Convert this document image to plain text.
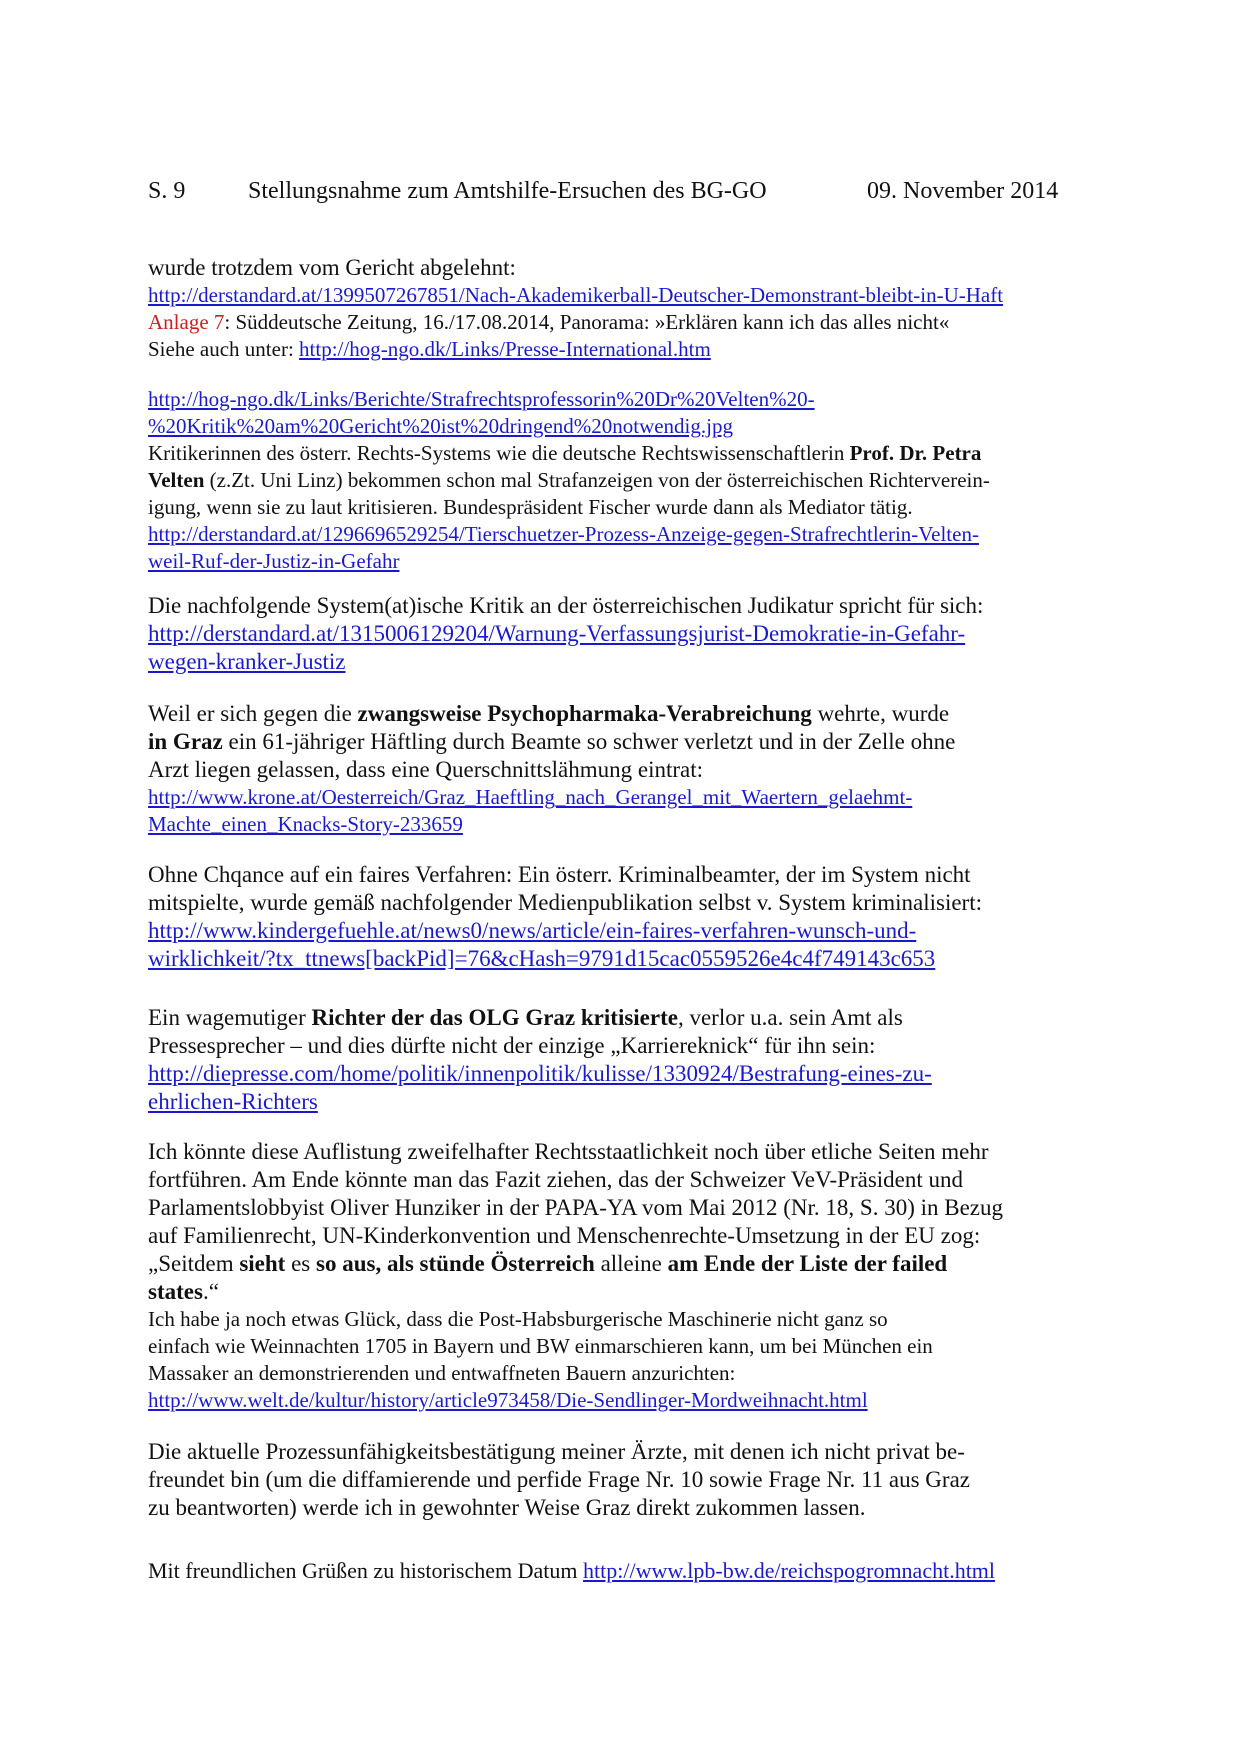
S. 9	Stellungsnahme zum Amtshilfe-Ersuchen des BG-GO	09. November 2014
wurde trotzdem vom Gericht abgelehnt:
http://derstandard.at/1399507267851/Nach-Akademikerball-Deutscher-Demonstrant-bleibt-in-U-Haft
Anlage 7: Süddeutsche Zeitung, 16./17.08.2014, Panorama: »Erklären kann ich das alles nicht«
Siehe auch unter: http://hog-ngo.dk/Links/Presse-International.htm
http://hog-ngo.dk/Links/Berichte/Strafrechtsprofessorin%20Dr%20Velten%20-
%20Kritik%20am%20Gericht%20ist%20dringend%20notwendig.jpg
Kritikerinnen des österr. Rechts-Systems wie die deutsche Rechtswissenschaftlerin Prof. Dr. Petra
Velten (z.Zt. Uni Linz) bekommen schon mal Strafanzeigen von der österreichischen Richterverein-
igung, wenn sie zu laut kritisieren. Bundespräsident Fischer wurde dann als Mediator tätig.
http://derstandard.at/1296696529254/Tierschuetzer-Prozess-Anzeige-gegen-Strafrechtlerin-Velten-
weil-Ruf-der-Justiz-in-Gefahr
Die nachfolgende System(at)ische Kritik an der österreichischen Judikatur spricht für sich:
http://derstandard.at/1315006129204/Warnung-Verfassungsjurist-Demokratie-in-Gefahr-
wegen-kranker-Justiz
Weil er sich gegen die zwangsweise Psychopharmaka-Verabreichung wehrte, wurde
in Graz ein 61-jähriger Häftling durch Beamte so schwer verletzt und in der Zelle ohne
Arzt liegen gelassen, dass eine Querschnittslähmung eintrat:
http://www.krone.at/Oesterreich/Graz_Haeftling_nach_Gerangel_mit_Waertern_gelaehmt-
Machte_einen_Knacks-Story-233659
Ohne Chqance auf ein faires Verfahren: Ein österr. Kriminalbeamter, der im System nicht
mitspielte, wurde gemäß nachfolgender Medienpublikation selbst v. System kriminalisiert:
http://www.kindergefuehle.at/news0/news/article/ein-faires-verfahren-wunsch-und-
wirklichkeit/?tx_ttnews[backPid]=76&cHash=9791d15cac0559526e4c4f749143c653
Ein wagemutiger Richter der das OLG Graz kritisierte, verlor u.a. sein Amt als
Pressesprecher – und dies dürfte nicht der einzige „Karriereknick“ für ihn sein:
http://diepresse.com/home/politik/innenpolitik/kulisse/1330924/Bestrafung-eines-zu-
ehrlichen-Richters
Ich könnte diese Auflistung zweifelhafter Rechtsstaatlichkeit noch über etliche Seiten mehr
fortführen. Am Ende könnte man das Fazit ziehen, das der Schweizer VeV-Präsident und
Parlamentslobbyist Oliver Hunziker in der PAPA-YA vom Mai 2012 (Nr. 18, S. 30) in Bezug
auf Familienrecht, UN-Kinderkonvention und Menschenrechte-Umsetzung in der EU zog:
„Seitdem sieht es so aus, als stünde Österreich alleine am Ende der Liste der failed
states.“
Ich habe ja noch etwas Glück, dass die Post-Habsburgerische Maschinerie nicht ganz so
einfach wie Weinnachten 1705 in Bayern und BW einmarschieren kann, um bei München ein
Massaker an demonstrierenden und entwaffneten Bauern anzurichten:
http://www.welt.de/kultur/history/article973458/Die-Sendlinger-Mordweihnacht.html
Die aktuelle Prozessunfähigkeitsbestätigung meiner Ärzte, mit denen ich nicht privat be-
freundet bin (um die diffamierende und perfide Frage Nr. 10 sowie Frage Nr. 11 aus Graz
zu beantworten) werde ich in gewohnter Weise Graz direkt zukommen lassen.
Mit freundlichen Grüßen zu historischem Datum http://www.lpb-bw.de/reichspogromnacht.html
